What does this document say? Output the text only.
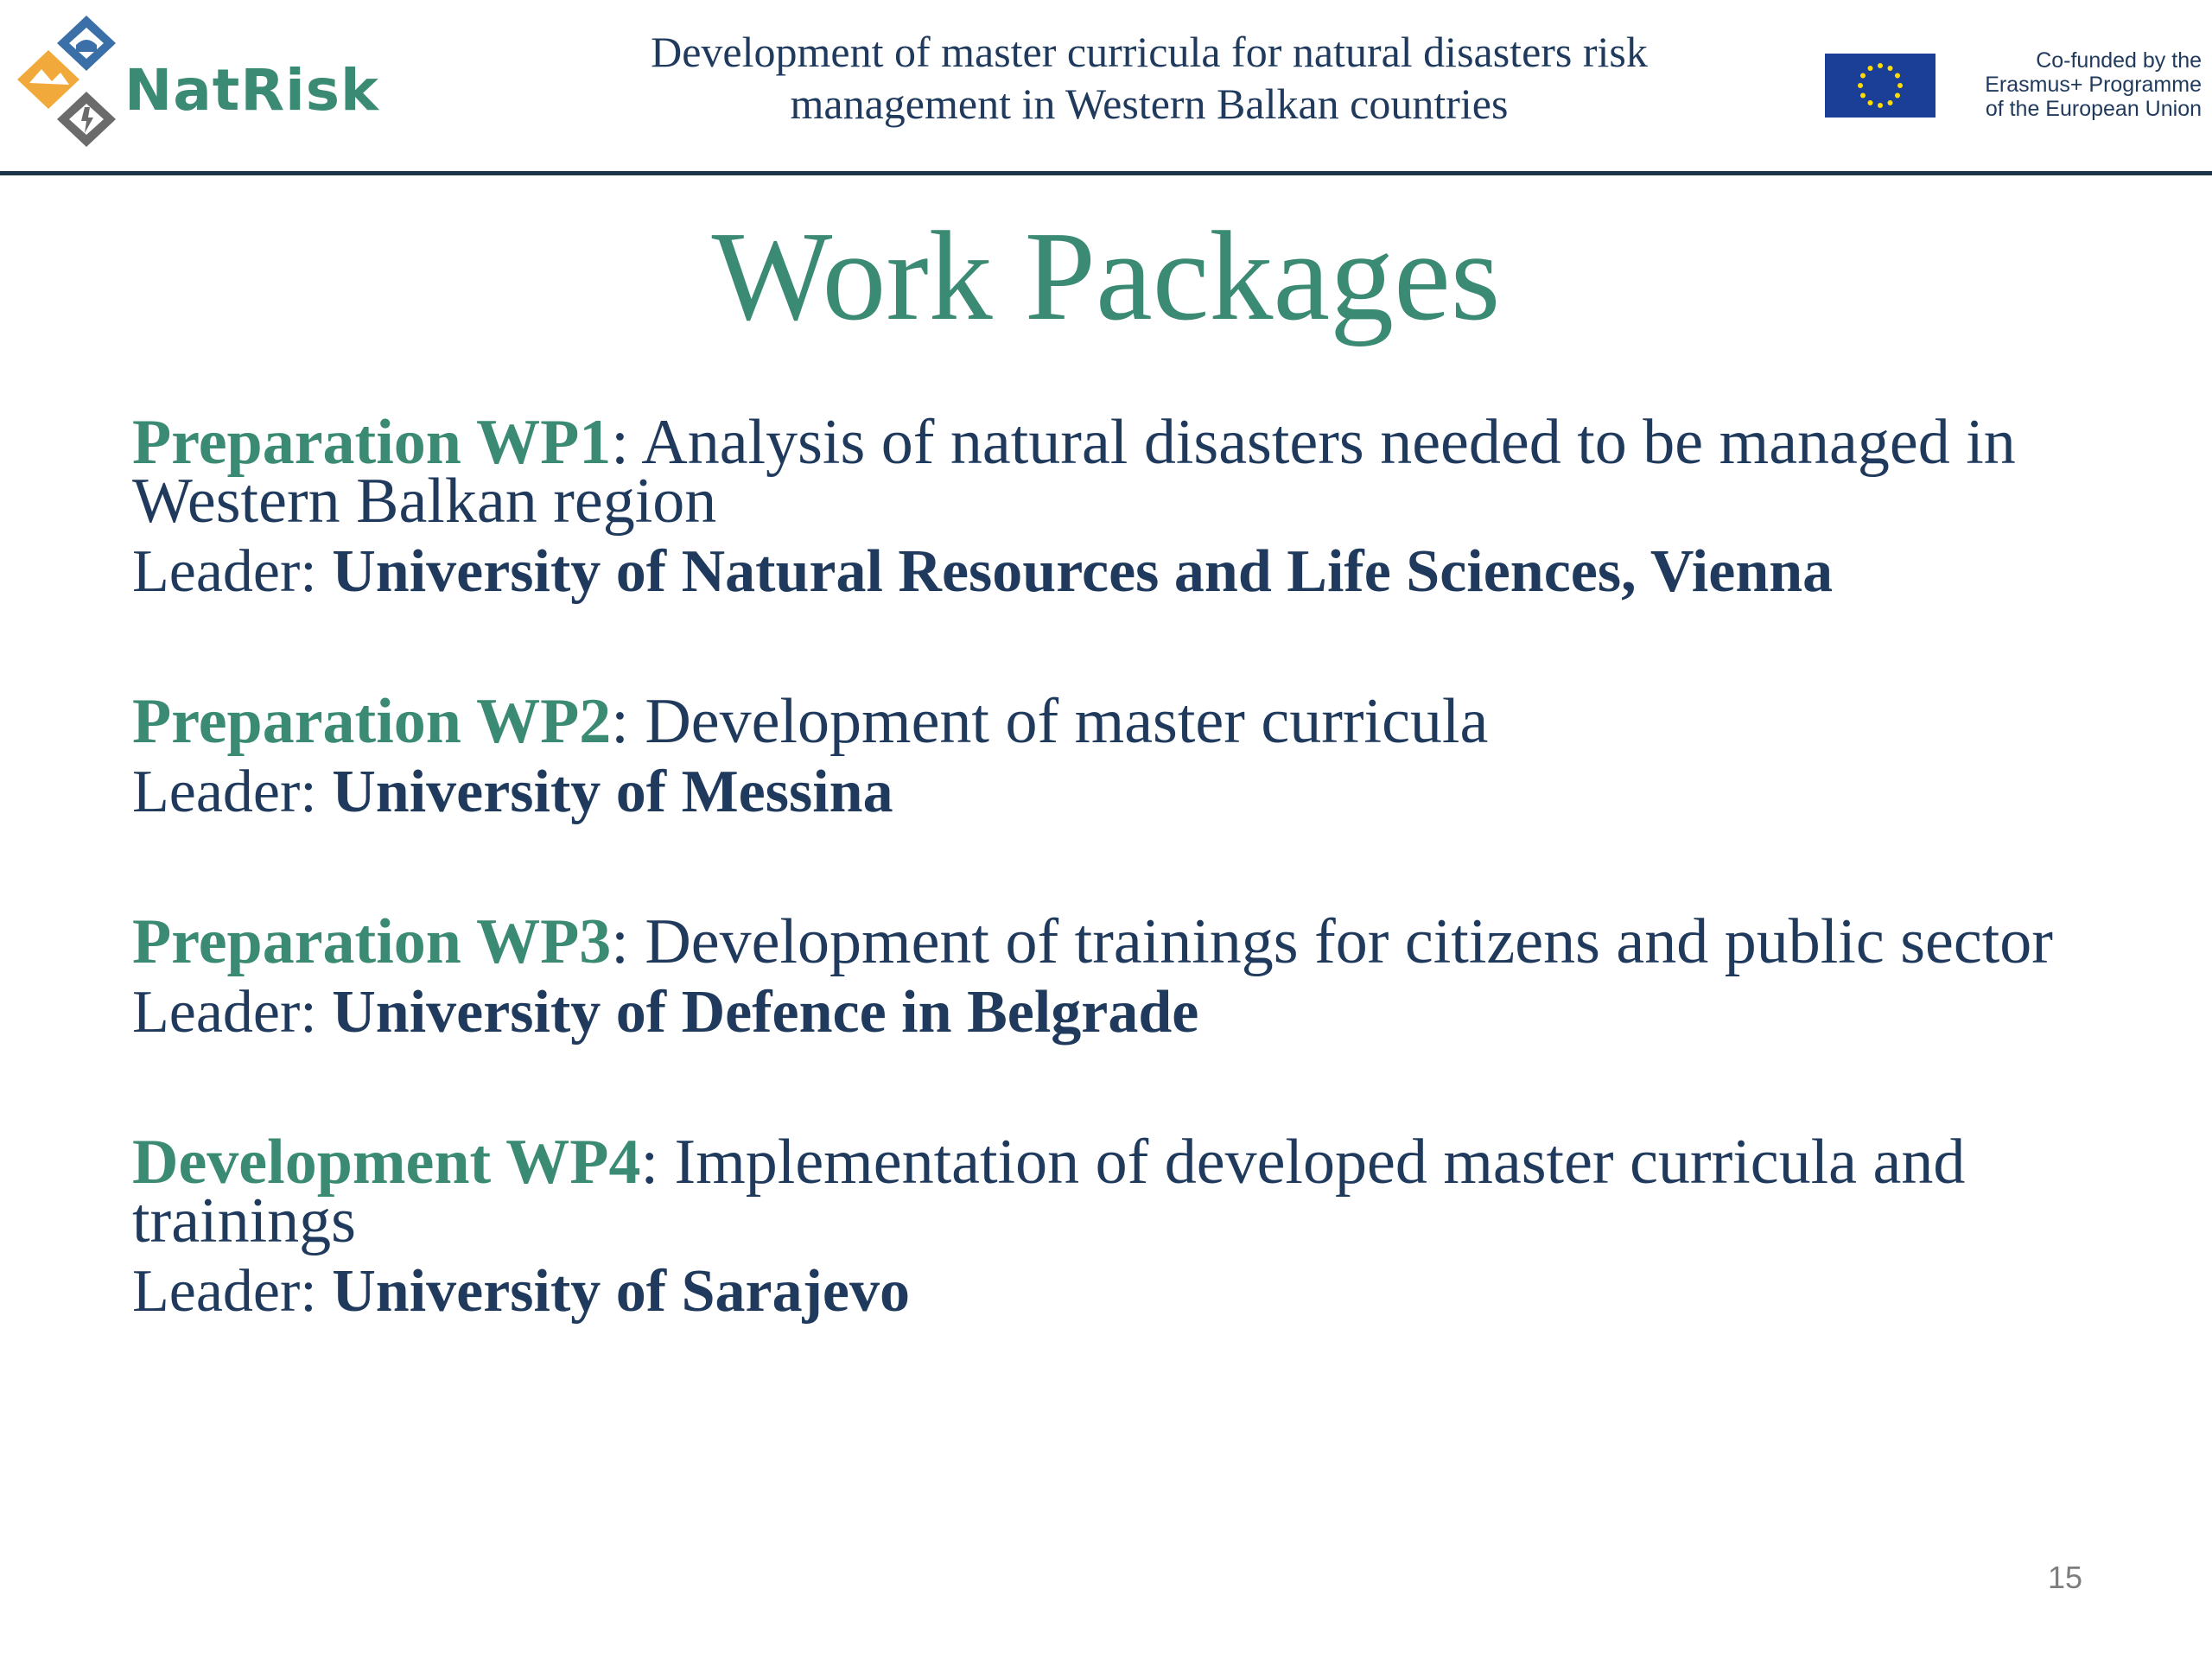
NatRisk
Development of master curricula for natural disasters risk
management in Western Balkan countries
Co-funded by the
Erasmus+ Programme
of the European Union
Work Packages
Preparation WP1: Analysis of natural disasters needed to be managed in Western Balkan region
Leader: University of Natural Resources and Life Sciences, Vienna
Preparation WP2: Development of master curricula
Leader: University of Messina
Preparation WP3: Development of trainings for citizens and public sector
Leader: University of Defence in Belgrade
Development WP4: Implementation of developed master curricula and trainings
Leader: University of Sarajevo
15
